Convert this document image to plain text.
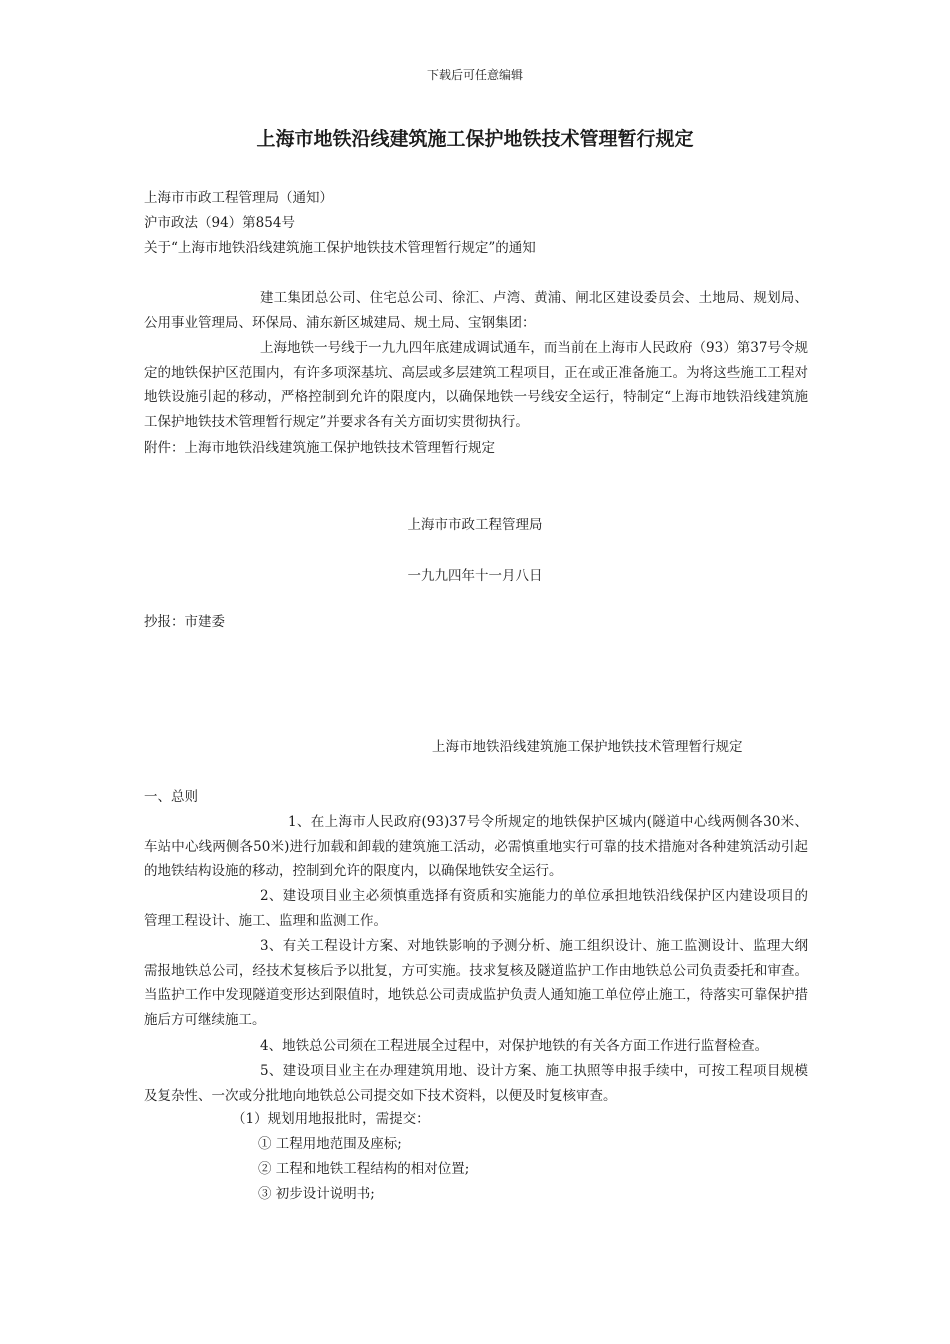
下载后可任意编辑
上海市地铁沿线建筑施工保护地铁技术管理暂行规定
上海市市政工程管理局（通知）
沪市政法（94）第854号
关于“上海市地铁沿线建筑施工保护地铁技术管理暂行规定”的通知
建工集团总公司、住宅总公司、徐汇、卢湾、黄浦、闸北区建设委员会、土地局、规划局、公用事业管理局、环保局、浦东新区城建局、规土局、宝钢集团：
上海地铁一号线于一九九四年底建成调试通车，而当前在上海市人民政府（93）第37号令规定的地铁保护区范围内，有许多项深基坑、高层或多层建筑工程项目，正在或正准备施工。为将这些施工工程对地铁设施引起的移动，严格控制到允许的限度内，以确保地铁一号线安全运行，特制定“上海市地铁沿线建筑施工保护地铁技术管理暂行规定”并要求各有关方面切实贯彻执行。
附件：上海市地铁沿线建筑施工保护地铁技术管理暂行规定
上海市市政工程管理局
一九九四年十一月八日
抄报：市建委
上海市地铁沿线建筑施工保护地铁技术管理暂行规定
一、总则
1、在上海市人民政府(93)37号令所规定的地铁保护区城内(隧道中心线两侧各30米、车站中心线两侧各50米)进行加载和卸载的建筑施工活动，必需慎重地实行可靠的技术措施对各种建筑活动引起的地铁结构设施的移动，控制到允许的限度内，以确保地铁安全运行。
2、建设项目业主必须慎重选择有资质和实施能力的单位承担地铁沿线保护区内建设项目的管理工程设计、施工、监理和监测工作。
3、有关工程设计方案、对地铁影响的予测分析、施工组织设计、施工监测设计、监理大纲需报地铁总公司，经技术复核后予以批复，方可实施。技求复核及隧道监护工作由地铁总公司负责委托和审查。当监护工作中发现隧道变形达到限值时，地铁总公司责成监护负责人通知施工单位停止施工，待落实可靠保护措施后方可继续施工。
4、地铁总公司须在工程进展全过程中，对保护地铁的有关各方面工作进行监督检查。
5、建设项目业主在办理建筑用地、设计方案、施工执照等申报手续中，可按工程项目规模及复杂性、一次或分批地向地铁总公司提交如下技术资料，以便及时复核审查。
（1）规划用地报批时，需提交：
① 工程用地范围及座标;
② 工程和地铁工程结构的相对位置;
③ 初步设计说明书;
